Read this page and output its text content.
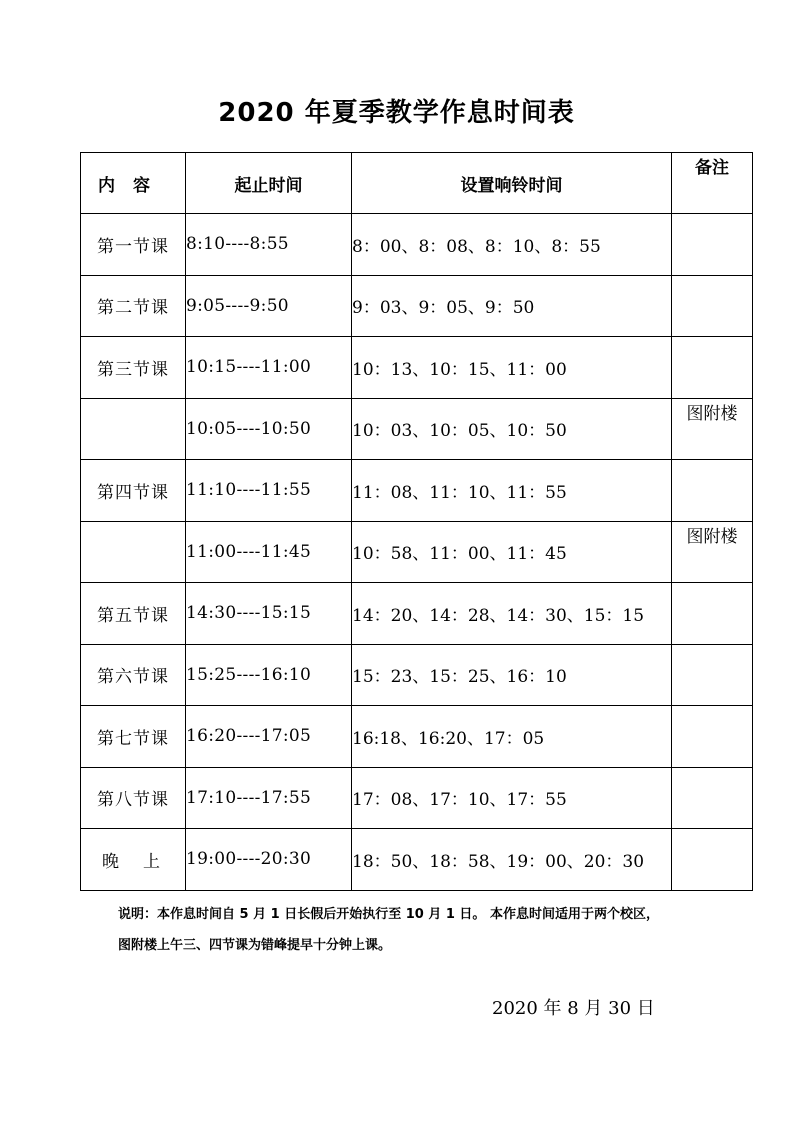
2020 年夏季教学作息时间表
内容	起止时间	设置响铃时间	备注
第一节课	8:10----8:55	8：00、8：08、8：10、8：55	
第二节课	9:05----9:50	9：03、9：05、9：50	
第三节课	10:15----11:00	10：13、10：15、11：00	
	10:05----10:50	10：03、10：05、10：50	图附楼
第四节课	11:10----11:55	11：08、11：10、11：55	
	11:00----11:45	10：58、11：00、11：45	图附楼
第五节课	14:30----15:15	14：20、14：28、14：30、15：15	
第六节课	15:25----16:10	15：23、15：25、16：10	
第七节课	16:20----17:05	16:18、16:20、17：05	
第八节课	17:10----17:55	17：08、17：10、17：55	
晚上	19:00----20:30	18：50、18：58、19：00、20：30	

说明：本作息时间自 5 月 1 日长假后开始执行至 10 月 1 日。 本作息时间适用于两个校区，

图附楼上午三、四节课为错峰提早十分钟上课。

2020 年 8 月 30 日
